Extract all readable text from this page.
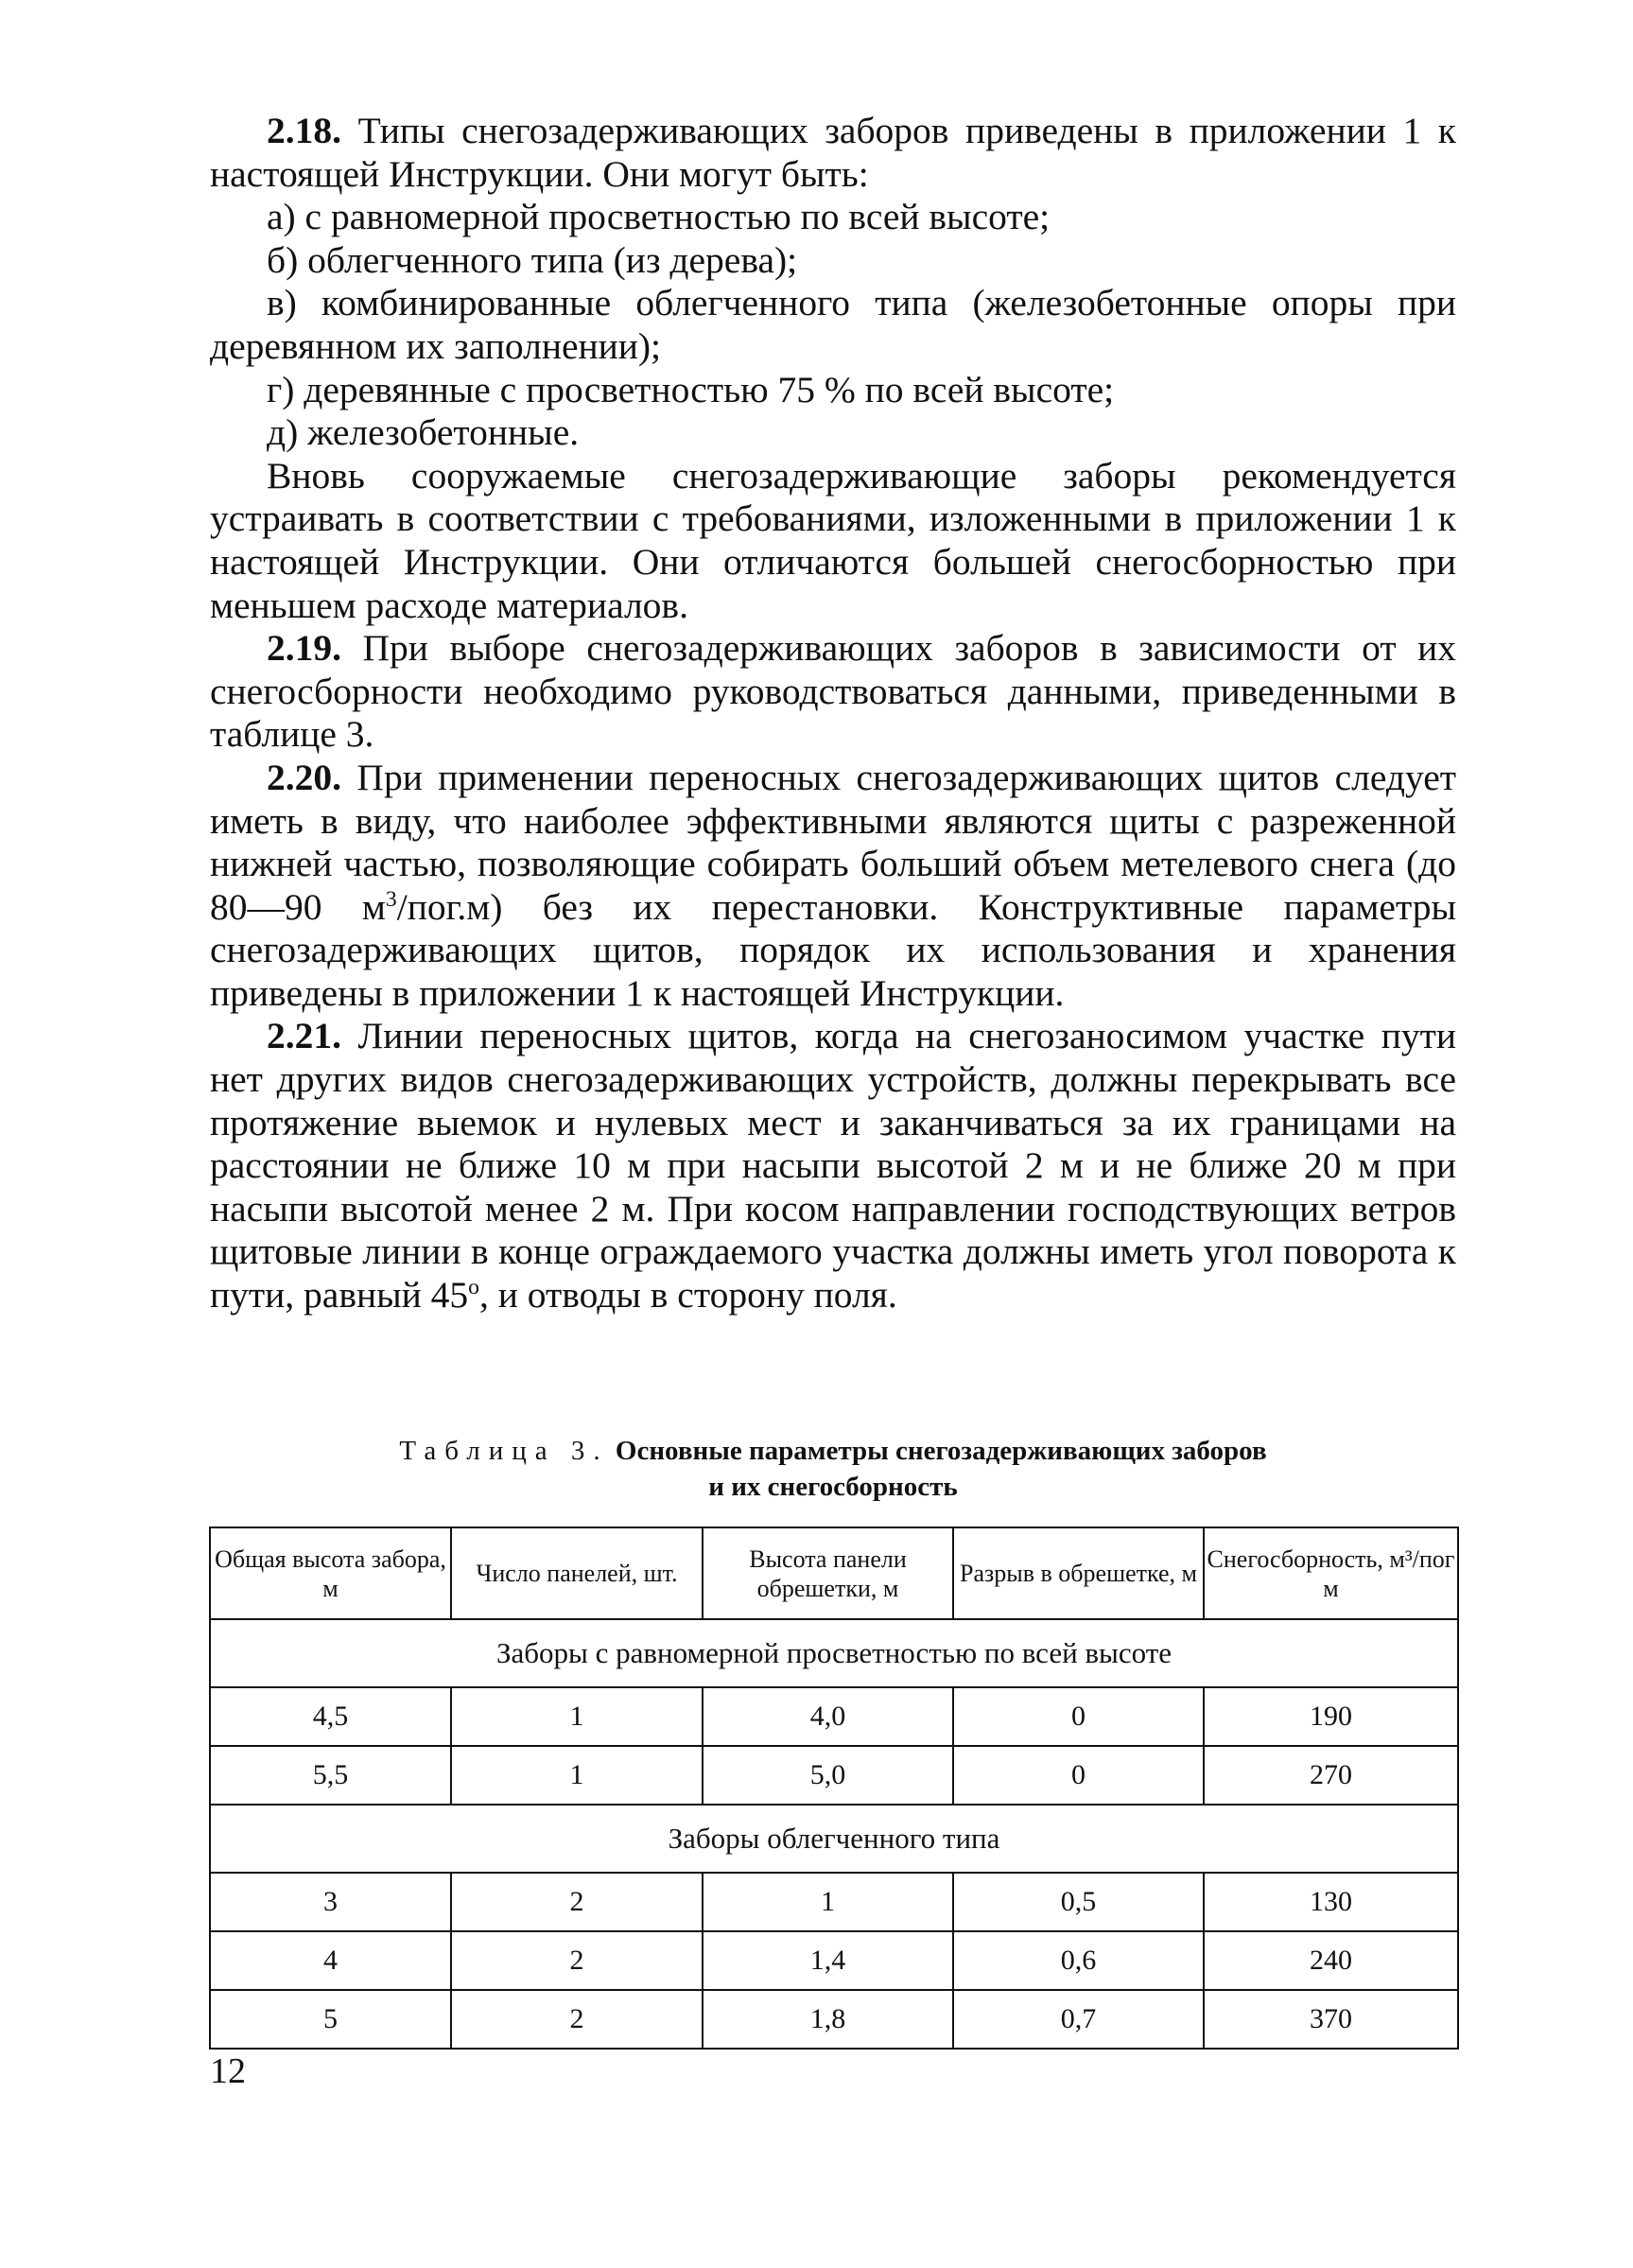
2.18. Типы снегозадерживающих заборов приведены в приложении 1 к настоящей Инструкции. Они могут быть:

а) с равномерной просветностью по всей высоте;

б) облегченного типа (из дерева);

в) комбинированные облегченного типа (железобетонные опоры при деревянном их заполнении);

г) деревянные с просветностью 75 % по всей высоте;

д) железобетонные.

Вновь сооружаемые снегозадерживающие заборы рекомендуется устраивать в соответствии с требованиями, изложенными в приложении 1 к настоящей Инструкции. Они отличаются большей снегосборностью при меньшем расходе материалов.

2.19. При выборе снегозадерживающих заборов в зависимости от их снегосборности необходимо руководствоваться данными, приведенными в таблице 3.

2.20. При применении переносных снегозадерживающих щитов следует иметь в виду, что наиболее эффективными являются щиты с разреженной нижней частью, позволяющие собирать больший объем метелевого снега (до 80—90 $м^3/пог.м$) без их перестановки. Конструктивные параметры снегозадерживающих щитов, порядок их использования и хранения приведены в приложении 1 к настоящей Инструкции.

2.21. Линии переносных щитов, когда на снегозаносимом участке пути нет других видов снегозадерживающих устройств, должны перекрывать все протяжение выемок и нулевых мест и заканчиваться за их границами на расстоянии не ближе 10 м при насыпи высотой 2 м и не ближе 20 м при насыпи высотой менее 2 м. При косом направлении господствующих ветров щитовые линии в конце ограждаемого участка должны иметь угол поворота к пути, равный $45^о$, и отводы в сторону поля.

Таблица 3. Основные параметры снегозадерживающих заборов
и их снегосборность
Общая высота забора, м	Число панелей, шт.	Высота панели обрешетки, м	Разрыв в обрешетке, м	Снегосборность, м³/пог м
Заборы с равномерной просветностью по всей высоте				
4,5	1	4,0	0	190
5,5	1	5,0	0	270
Заборы облегченного типа				
3	2	1	0,5	130
4	2	1,4	0,6	240
5	2	1,8	0,7	370
12
